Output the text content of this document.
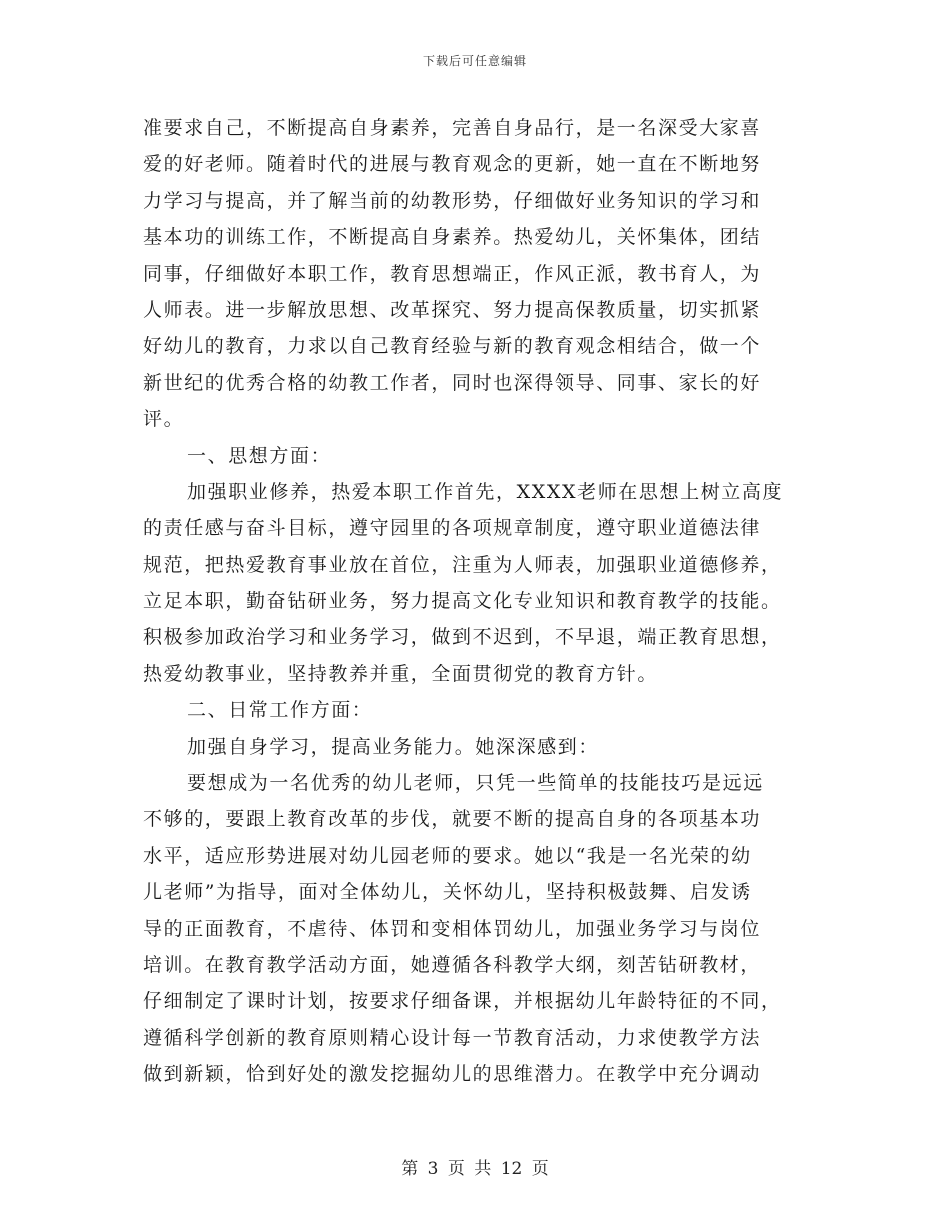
下载后可任意编辑
准要求自己，不断提高自身素养，完善自身品行，是一名深受大家喜
爱的好老师。随着时代的进展与教育观念的更新，她一直在不断地努
力学习与提高，并了解当前的幼教形势，仔细做好业务知识的学习和
基本功的训练工作，不断提高自身素养。热爱幼儿，关怀集体，团结
同事，仔细做好本职工作，教育思想端正，作风正派，教书育人，为
人师表。进一步解放思想、改革探究、努力提高保教质量，切实抓紧
好幼儿的教育，力求以自己教育经验与新的教育观念相结合，做一个
新世纪的优秀合格的幼教工作者，同时也深得领导、同事、家长的好
评。
一、思想方面：
加强职业修养，热爱本职工作首先，XXXX老师在思想上树立高度
的责任感与奋斗目标，遵守园里的各项规章制度，遵守职业道德法律
规范，把热爱教育事业放在首位，注重为人师表，加强职业道德修养，
立足本职，勤奋钻研业务，努力提高文化专业知识和教育教学的技能。
积极参加政治学习和业务学习，做到不迟到，不早退，端正教育思想，
热爱幼教事业，坚持教养并重，全面贯彻党的教育方针。
二、日常工作方面：
加强自身学习，提高业务能力。她深深感到：
要想成为一名优秀的幼儿老师，只凭一些简单的技能技巧是远远
不够的，要跟上教育改革的步伐，就要不断的提高自身的各项基本功
水平，适应形势进展对幼儿园老师的要求。她以“我是一名光荣的幼
儿老师”为指导，面对全体幼儿，关怀幼儿，坚持积极鼓舞、启发诱
导的正面教育，不虐待、体罚和变相体罚幼儿，加强业务学习与岗位
培训。在教育教学活动方面，她遵循各科教学大纲，刻苦钻研教材，
仔细制定了课时计划，按要求仔细备课，并根据幼儿年龄特征的不同，
遵循科学创新的教育原则精心设计每一节教育活动，力求使教学方法
做到新颖，恰到好处的激发挖掘幼儿的思维潜力。在教学中充分调动
第 3 页 共 12 页
